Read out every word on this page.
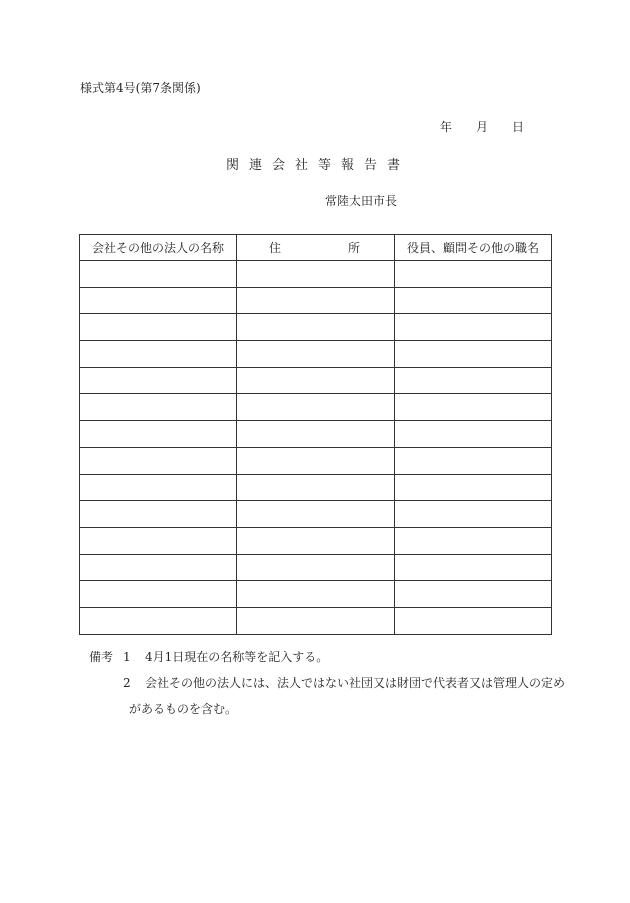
様式第4号(第7条関係)
年 月 日
関連会社等報告書
常陸太田市長
会社その他の法人の名称	住 所	役員、顧問その他の職名

備考 1 4月1日現在の名称等を記入する。
2 会社その他の法人には、法人ではない社団又は財団で代表者又は管理人の定め
があるものを含む。
